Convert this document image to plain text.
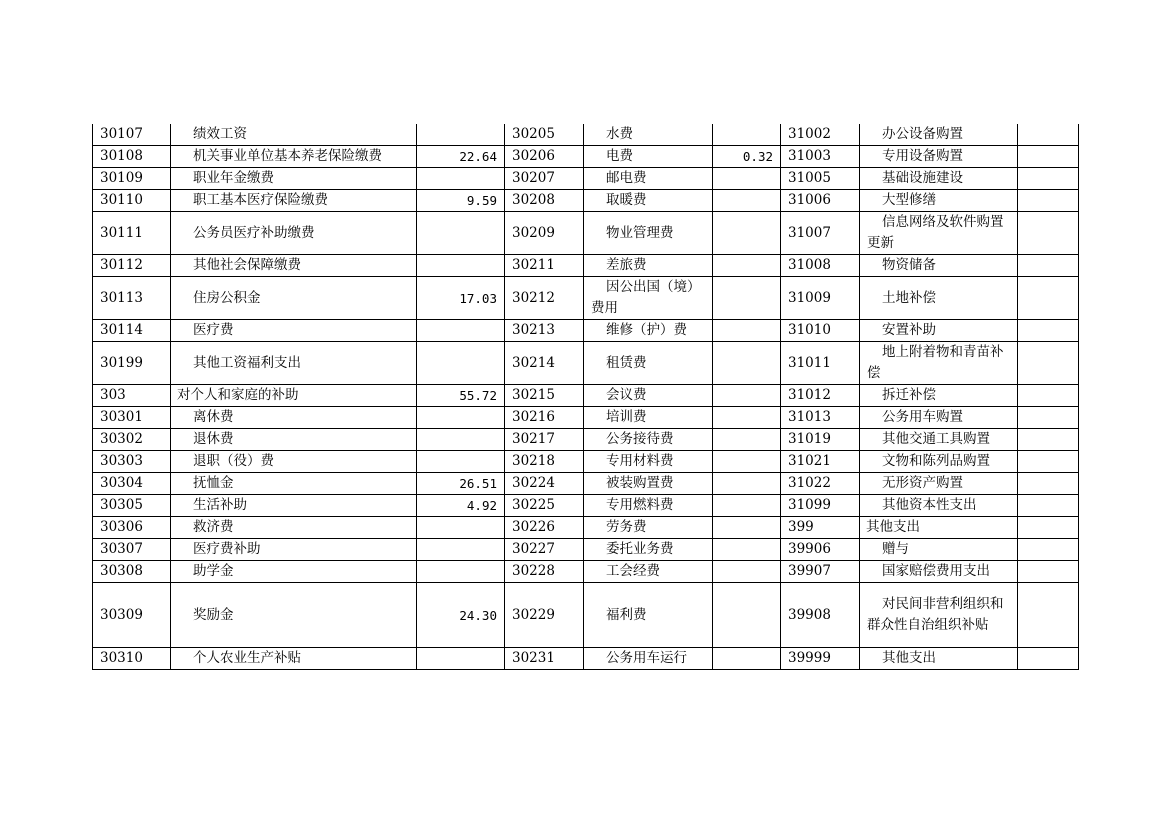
30107	绩效工资		30205	水费		31002	办公设备购置	
30108	机关事业单位基本养老保险缴费	22.64	30206	电费	0.32	31003	专用设备购置	
30109	职业年金缴费		30207	邮电费		31005	基础设施建设	
30110	职工基本医疗保险缴费	9.59	30208	取暖费		31006	大型修缮	
30111	公务员医疗补助缴费		30209	物业管理费		31007	信息网络及软件购置更新	

30112	其他社会保障缴费		30211	差旅费		31008	物资储备	
30113	住房公积金	17.03	30212	因公出国（境）费用		31009	土地补偿	
30114	医疗费		30213	维修（护）费		31010	安置补助	
30199	其他工资福利支出		30214	租赁费		31011	地上附着物和青苗补偿	

303	对个人和家庭的补助	55.72	30215	会议费		31012	拆迁补偿	
30301	离休费		30216	培训费		31013	公务用车购置	
30302	退休费		30217	公务接待费		31019	其他交通工具购置	
30303	退职（役）费		30218	专用材料费		31021	文物和陈列品购置	
30304	抚恤金	26.51	30224	被装购置费		31022	无形资产购置	
30305	生活补助	4.92	30225	专用燃料费		31099	其他资本性支出	
30306	救济费		30226	劳务费		399	其他支出	
30307	医疗费补助		30227	委托业务费		39906	赠与	
30308	助学金		30228	工会经费		39907	国家赔偿费用支出	
30309	奖励金	24.30	30229	福利费		39908	对民间非营利组织和群众性自治组织补贴	

30310	个人农业生产补贴		30231	公务用车运行		39999	其他支出	
